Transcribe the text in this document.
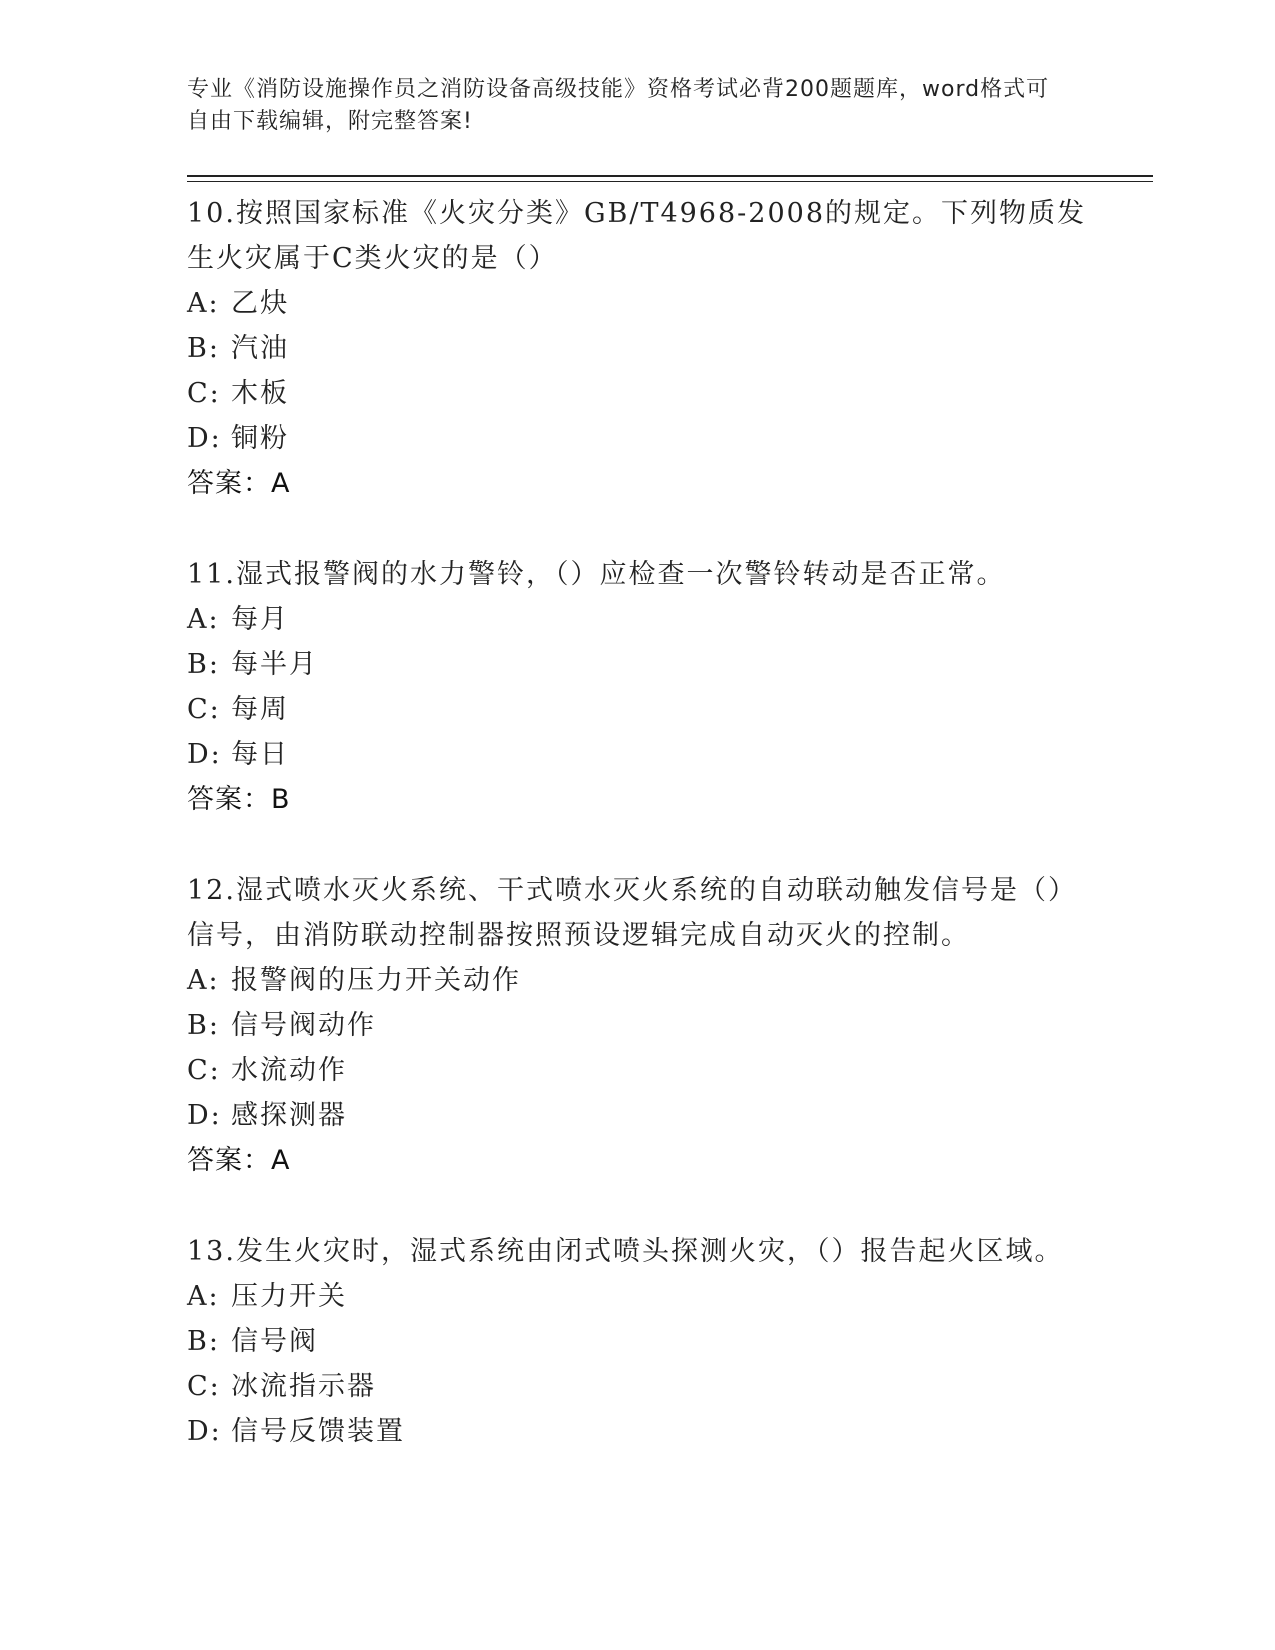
专业《消防设施操作员之消防设备高级技能》资格考试必背200题题库，word格式可自由下载编辑，附完整答案!
10.按照国家标准《火灾分类》GB/T4968-2008的规定。下列物质发生火灾属于C类火灾的是（）
A: 乙炔
B: 汽油
C: 木板
D: 铜粉
答案：A
11.湿式报警阀的水力警铃，（）应检查一次警铃转动是否正常。
A: 每月
B: 每半月
C: 每周
D: 每日
答案：B
12.湿式喷水灭火系统、干式喷水灭火系统的自动联动触发信号是（）信号，由消防联动控制器按照预设逻辑完成自动灭火的控制。
A: 报警阀的压力开关动作
B: 信号阀动作
C: 水流动作
D: 感探测器
答案：A
13.发生火灾时，湿式系统由闭式喷头探测火灾，（）报告起火区域。
A: 压力开关
B: 信号阀
C: 冰流指示器
D: 信号反馈装置
